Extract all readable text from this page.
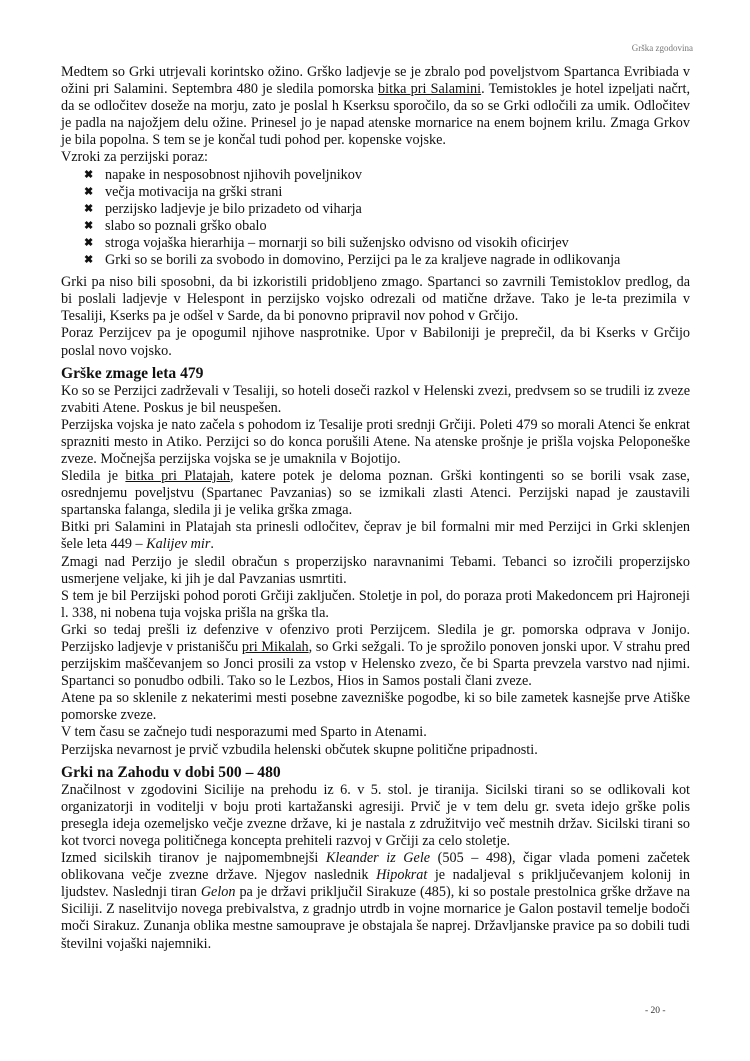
Grška zgodovina

Medtem so Grki utrjevali korintsko ožino. Grško ladjevje se je zbralo pod poveljstvom Spartanca Evribiada v ožini pri Salamini. Septembra 480 je sledila pomorska bitka pri Salamini. Temistokles je hotel izpeljati načrt, da se odločitev doseže na morju, zato je poslal h Kserksu sporočilo, da so se Grki odločili za umik. Odločitev je padla na najožjem delu ožine. Prinesel jo je napad atenske mornarice na enem bojnem krilu. Zmaga Grkov je bila popolna. S tem se je končal tudi pohod per. kopenske vojske.

Vzroki za perzijski poraz:

✖ napake in nesposobnost njihovih poveljnikov
✖ večja motivacija na grški strani
✖ perzijsko ladjevje je bilo prizadeto od viharja
✖ slabo so poznali grško obalo
✖ stroga vojaška hierarhija – mornarji so bili suženjsko odvisno od visokih oficirjev
✖ Grki so se borili za svobodo in domovino, Perzijci pa le za kraljeve nagrade in odlikovanja

Grki pa niso bili sposobni, da bi izkoristili pridobljeno zmago. Spartanci so zavrnili Temistoklov predlog, da bi poslali ladjevje v Helespont in perzijsko vojsko odrezali od matične države. Tako je le-ta prezimila v Tesaliji, Kserks pa je odšel v Sarde, da bi ponovno pripravil nov pohod v Grčijo.

Poraz Perzijcev pa je opogumil njihove nasprotnike. Upor v Babiloniji je preprečil, da bi Kserks v Grčijo poslal novo vojsko.

Grške zmage leta 479

Ko so se Perzijci zadrževali v Tesaliji, so hoteli doseči razkol v Helenski zvezi, predvsem so se trudili iz zveze zvabiti Atene. Poskus je bil neuspešen.

Perzijska vojska je nato začela s pohodom iz Tesalije proti srednji Grčiji. Poleti 479 so morali Atenci še enkrat sprazniti mesto in Atiko. Perzijci so do konca porušili Atene. Na atenske prošnje je prišla vojska Peloponeške zveze. Močnejša perzijska vojska se je umaknila v Bojotijo.

Sledila je bitka pri Platajah, katere potek je deloma poznan. Grški kontingenti so se borili vsak zase, osrednjemu poveljstvu (Spartanec Pavzanias) so se izmikali zlasti Atenci. Perzijski napad je zaustavili spartanska falanga, sledila ji je velika grška zmaga.

Bitki pri Salamini in Platajah sta prinesli odločitev, čeprav je bil formalni mir med Perzijci in Grki sklenjen šele leta 449 – Kalijev mir.

Zmagi nad Perzijo je sledil obračun s properzijsko naravnanimi Tebami. Tebanci so izročili properzijsko usmerjene veljake, ki jih je dal Pavzanias usmrtiti.

S tem je bil Perzijski pohod poroti Grčiji zaključen. Stoletje in pol, do poraza proti Makedoncem pri Hajroneji l. 338, ni nobena tuja vojska prišla na grška tla.

Grki so tedaj prešli iz defenzive v ofenzivo proti Perzijcem. Sledila je gr. pomorska odprava v Jonijo. Perzijsko ladjevje v pristanišču pri Mikalah, so Grki sežgali. To je sprožilo ponoven jonski upor. V strahu pred perzijskim maščevanjem so Jonci prosili za vstop v Helensko zvezo, če bi Sparta prevzela varstvo nad njimi. Spartanci so ponudbo odbili. Tako so le Lezbos, Hios in Samos postali člani zveze.

Atene pa so sklenile z nekaterimi mesti posebne zavezniške pogodbe, ki so bile zametek kasnejše prve Atiške pomorske zveze.

V tem času se začnejo tudi nesporazumi med Sparto in Atenami.

Perzijska nevarnost je prvič vzbudila helenski občutek skupne politične pripadnosti.

Grki na Zahodu v dobi 500 – 480

Značilnost v zgodovini Sicilije na prehodu iz 6. v 5. stol. je tiranija. Sicilski tirani so se odlikovali kot organizatorji in voditelji v boju proti kartažanski agresiji. Prvič je v tem delu gr. sveta idejo grške polis presegla ideja ozemeljsko večje zvezne države, ki je nastala z združitvijo več mestnih držav. Sicilski tirani so kot tvorci novega političnega koncepta prehiteli razvoj v Grčiji za celo stoletje.

Izmed sicilskih tiranov je najpomembnejši Kleander iz Gele (505 – 498), čigar vlada pomeni začetek oblikovana večje zvezne države. Njegov naslednik Hipokrat je nadaljeval s priključevanjem kolonij in ljudstev. Naslednji tiran Gelon pa je državi priključil Sirakuze (485), ki so postale prestolnica grške države na Siciliji. Z naselitvijo novega prebivalstva, z gradnjo utrdb in vojne mornarice je Galon postavil temelje bodoči moči Sirakuz. Zunanja oblika mestne samouprave je obstajala še naprej. Državljanske pravice pa so dobili tudi številni vojaški najemniki.

- 20 -
